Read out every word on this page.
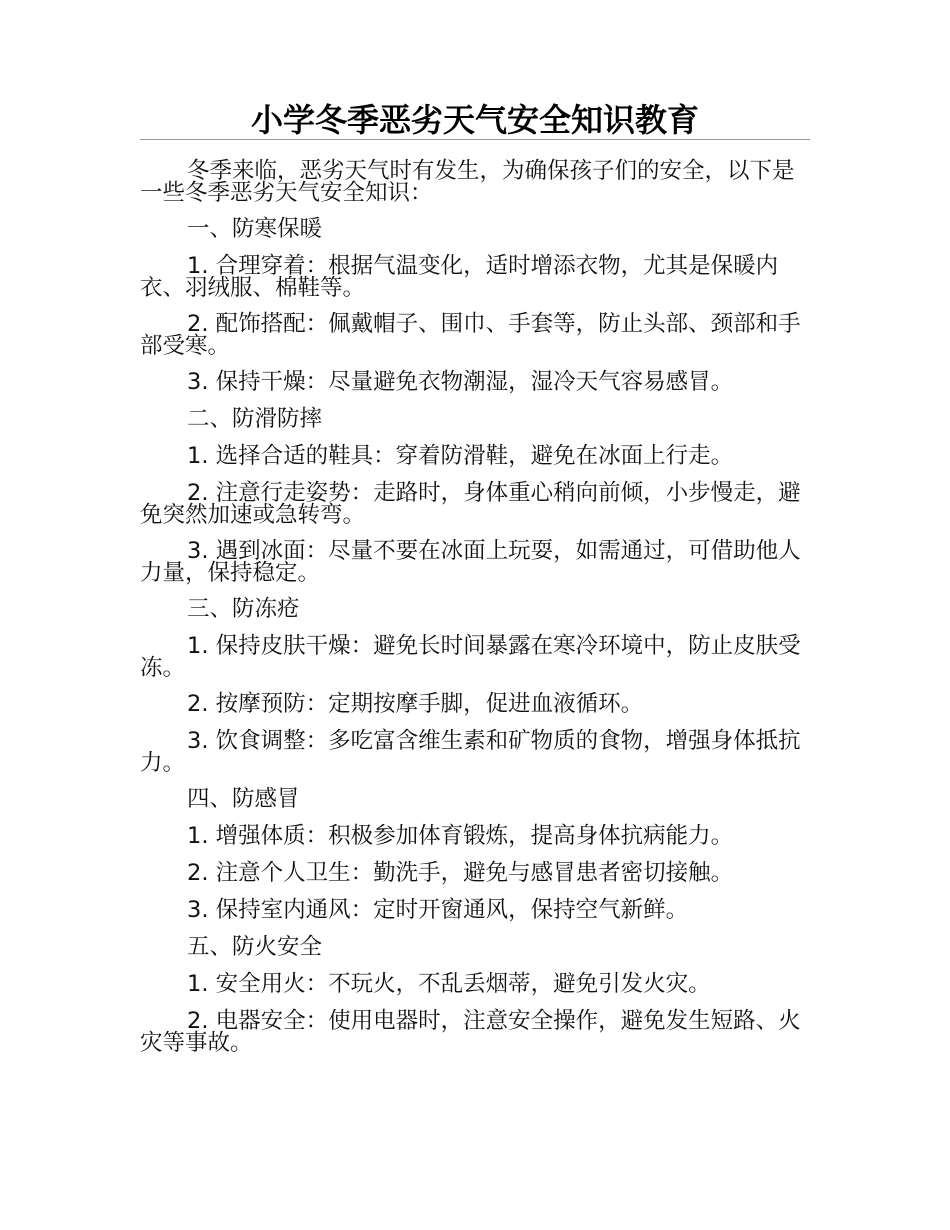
小学冬季恶劣天气安全知识教育

冬季来临，恶劣天气时有发生，为确保孩子们的安全，以下是一些冬季恶劣天气安全知识：

一、防寒保暖

1. 合理穿着：根据气温变化，适时增添衣物，尤其是保暖内衣、羽绒服、棉鞋等。

2. 配饰搭配：佩戴帽子、围巾、手套等，防止头部、颈部和手部受寒。

3. 保持干燥：尽量避免衣物潮湿，湿冷天气容易感冒。

二、防滑防摔

1. 选择合适的鞋具：穿着防滑鞋，避免在冰面上行走。

2. 注意行走姿势：走路时，身体重心稍向前倾，小步慢走，避免突然加速或急转弯。

3. 遇到冰面：尽量不要在冰面上玩耍，如需通过，可借助他人力量，保持稳定。

三、防冻疮

1. 保持皮肤干燥：避免长时间暴露在寒冷环境中，防止皮肤受冻。

2. 按摩预防：定期按摩手脚，促进血液循环。

3. 饮食调整：多吃富含维生素和矿物质的食物，增强身体抵抗力。

四、防感冒

1. 增强体质：积极参加体育锻炼，提高身体抗病能力。

2. 注意个人卫生：勤洗手，避免与感冒患者密切接触。

3. 保持室内通风：定时开窗通风，保持空气新鲜。

五、防火安全

1. 安全用火：不玩火，不乱丢烟蒂，避免引发火灾。

2. 电器安全：使用电器时，注意安全操作，避免发生短路、火灾等事故。
